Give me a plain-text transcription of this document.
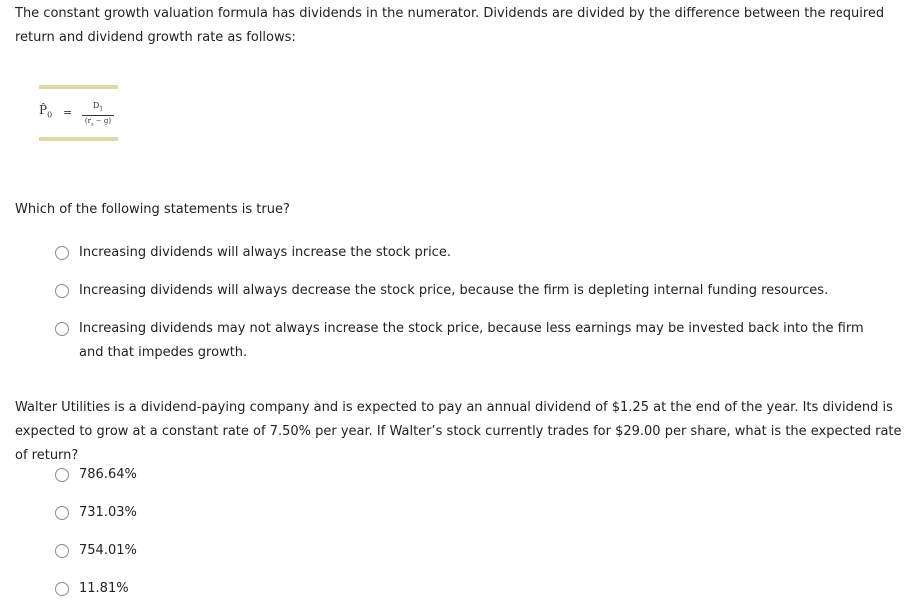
The constant growth valuation formula has dividends in the numerator. Dividends are divided by the difference between the required return and dividend growth rate as follows:

$P̂_0$ =
$D_1$
$(r_s - g)$

Which of the following statements is true?

Increasing dividends will always increase the stock price.
Increasing dividends will always decrease the stock price, because the firm is depleting internal funding resources.
Increasing dividends may not always increase the stock price, because less earnings may be invested back into the firm and that impedes growth.

Walter Utilities is a dividend-paying company and is expected to pay an annual dividend of $1.25 at the end of the year. Its dividend is expected to grow at a constant rate of 7.50% per year. If Walter’s stock currently trades for $29.00 per share, what is the expected rate of return?

786.64%
731.03%
754.01%
11.81%
